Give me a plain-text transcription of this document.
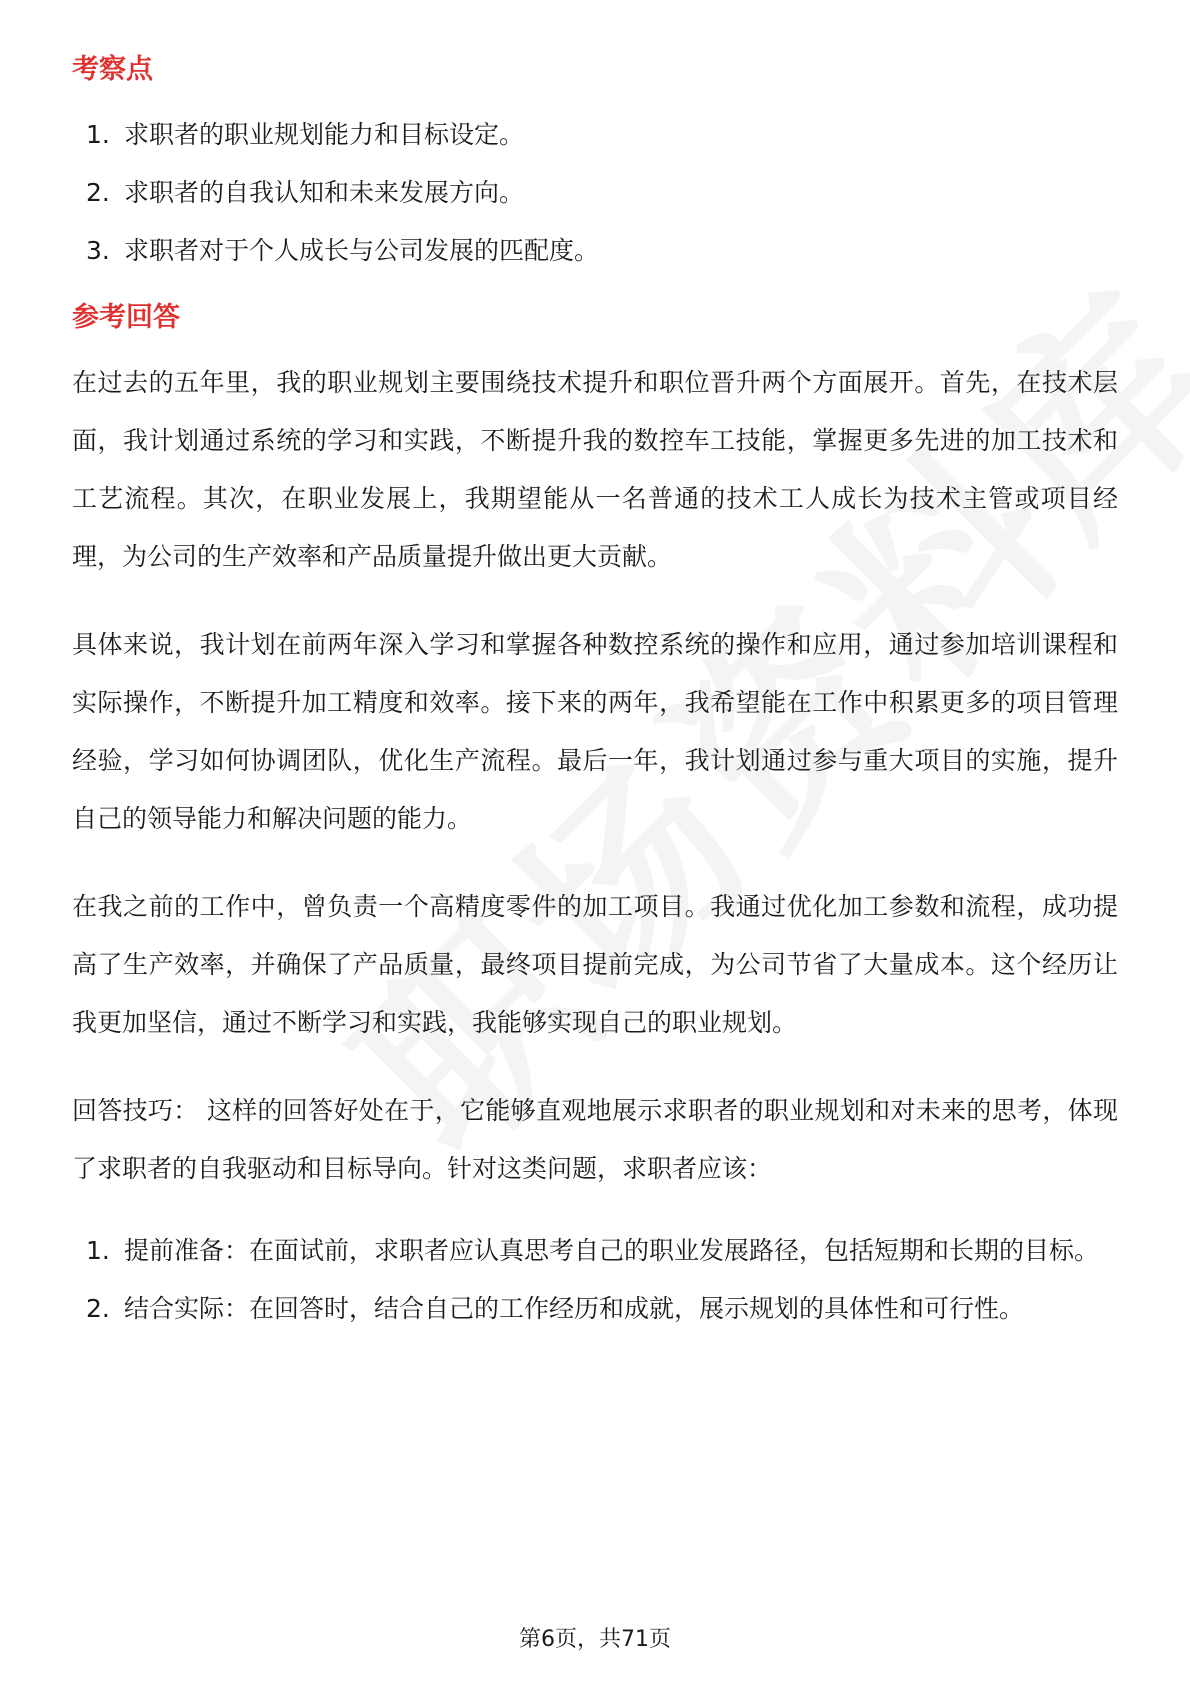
考察点
1. 求职者的职业规划能力和目标设定。
2. 求职者的自我认知和未来发展方向。
3. 求职者对于个人成长与公司发展的匹配度。
参考回答

在过去的五年里，我的职业规划主要围绕技术提升和职位晋升两个方面展开。首先，在技术层面，我计划通过系统的学习和实践，不断提升我的数控车工技能，掌握更多先进的加工技术和工艺流程。其次，在职业发展上，我期望能从一名普通的技术工人成长为技术主管或项目经理，为公司的生产效率和产品质量提升做出更大贡献。

具体来说，我计划在前两年深入学习和掌握各种数控系统的操作和应用，通过参加培训课程和实际操作，不断提升加工精度和效率。接下来的两年，我希望能在工作中积累更多的项目管理经验，学习如何协调团队，优化生产流程。最后一年，我计划通过参与重大项目的实施，提升自己的领导能力和解决问题的能力。

在我之前的工作中，曾负责一个高精度零件的加工项目。我通过优化加工参数和流程，成功提高了生产效率，并确保了产品质量，最终项目提前完成，为公司节省了大量成本。这个经历让我更加坚信，通过不断学习和实践，我能够实现自己的职业规划。

回答技巧： 这样的回答好处在于，它能够直观地展示求职者的职业规划和对未来的思考，体现了求职者的自我驱动和目标导向。针对这类问题，求职者应该：

1. 提前准备：在面试前，求职者应认真思考自己的职业发展路径，包括短期和长期的目标。
2. 结合实际：在回答时，结合自己的工作经历和成就，展示规划的具体性和可行性。
第6页，共71页
